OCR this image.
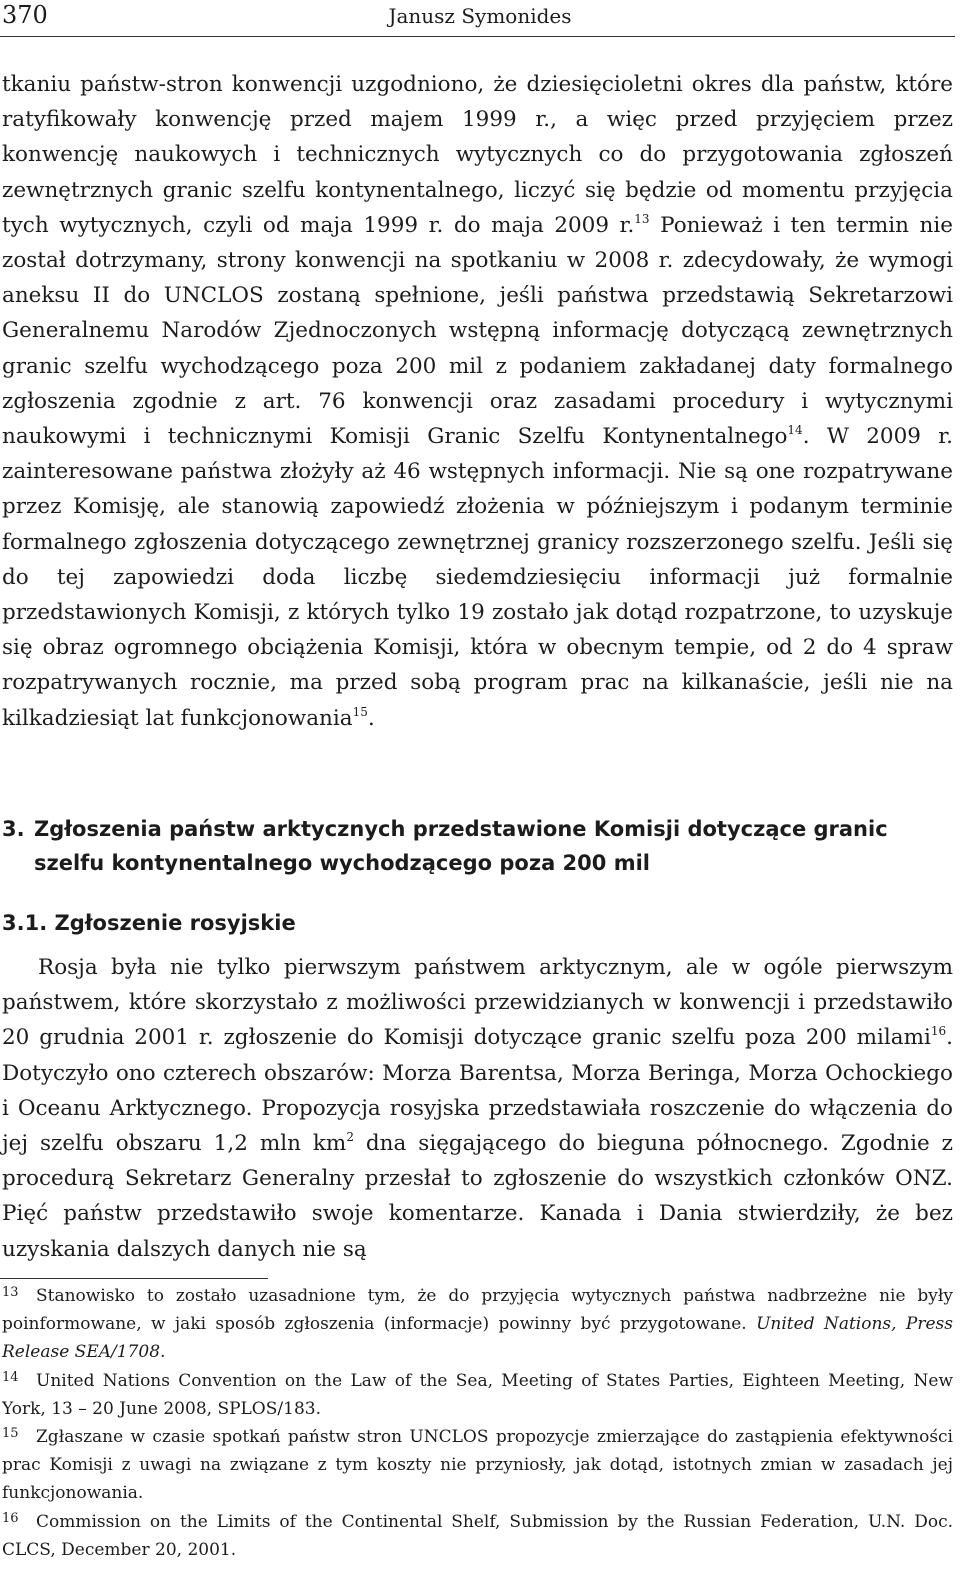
370	Janusz Symonides

tkaniu państw-stron konwencji uzgodniono, że dziesięcioletni okres dla państw, które ratyfikowały konwencję przed majem 1999 r., a więc przed przyjęciem przez konwencję naukowych i technicznych wytycznych co do przygotowania zgłoszeń zewnętrznych granic szelfu kontynentalnego, liczyć się będzie od momentu przyjęcia tych wytycznych, czyli od maja 1999 r. do maja 2009 r.$^{13}$ Ponieważ i ten termin nie został dotrzymany, strony konwencji na spotkaniu w 2008 r. zdecydowały, że wymogi aneksu II do UNCLOS zostaną spełnione, jeśli państwa przedstawią Sekretarzowi Generalnemu Narodów Zjednoczonych wstępną informację dotyczącą zewnętrznych granic szelfu wychodzącego poza 200 mil z podaniem zakładanej daty formalnego zgłoszenia zgodnie z art. 76 konwencji oraz zasadami procedury i wytycznymi naukowymi i technicznymi Komisji Granic Szelfu Kontynentalnego$^{14}$. W 2009 r. zainteresowane państwa złożyły aż 46 wstępnych informacji. Nie są one rozpatrywane przez Komisję, ale stanowią zapowiedź złożenia w późniejszym i podanym terminie formalnego zgłoszenia dotyczącego zewnętrznej granicy rozszerzonego szelfu. Jeśli się do tej zapowiedzi doda liczbę siedemdziesięciu informacji już formalnie przedstawionych Komisji, z których tylko 19 zostało jak dotąd rozpatrzone, to uzyskuje się obraz ogromnego obciążenia Komisji, która w obecnym tempie, od 2 do 4 spraw rozpatrywanych rocznie, ma przed sobą program prac na kilkanaście, jeśli nie na kilkadziesiąt lat funkcjonowania$^{15}$.

3. Zgłoszenia państw arktycznych przedstawione Komisji dotyczące granic
szelfu kontynentalnego wychodzącego poza 200 mil

3.1. Zgłoszenie rosyjskie

Rosja była nie tylko pierwszym państwem arktycznym, ale w ogóle pierwszym państwem, które skorzystało z możliwości przewidzianych w konwencji i przedstawiło 20 grudnia 2001 r. zgłoszenie do Komisji dotyczące granic szelfu poza 200 milami$^{16}$. Dotyczyło ono czterech obszarów: Morza Barentsa, Morza Beringa, Morza Ochockiego i Oceanu Arktycznego. Propozycja rosyjska przedstawiała roszczenie do włączenia do jej szelfu obszaru 1,2 mln $km^2$ dna sięgającego do bieguna północnego. Zgodnie z procedurą Sekretarz Generalny przesłał to zgłoszenie do wszystkich członków ONZ. Pięć państw przedstawiło swoje komentarze. Kanada i Dania stwierdziły, że bez uzyskania dalszych danych nie są

13 Stanowisko to zostało uzasadnione tym, że do przyjęcia wytycznych państwa nadbrzeżne nie były poinformowane, w jaki sposób zgłoszenia (informacje) powinny być przygotowane. United Nations, Press Release SEA/1708.

14 United Nations Convention on the Law of the Sea, Meeting of States Parties, Eighteen Meeting, New York, 13 – 20 June 2008, SPLOS/183.

15 Zgłaszane w czasie spotkań państw stron UNCLOS propozycje zmierzające do zastąpienia efektywności prac Komisji z uwagi na związane z tym koszty nie przyniosły, jak dotąd, istotnych zmian w zasadach jej funkcjonowania.

16 Commission on the Limits of the Continental Shelf, Submission by the Russian Federation, U.N. Doc. CLCS, December 20, 2001.
